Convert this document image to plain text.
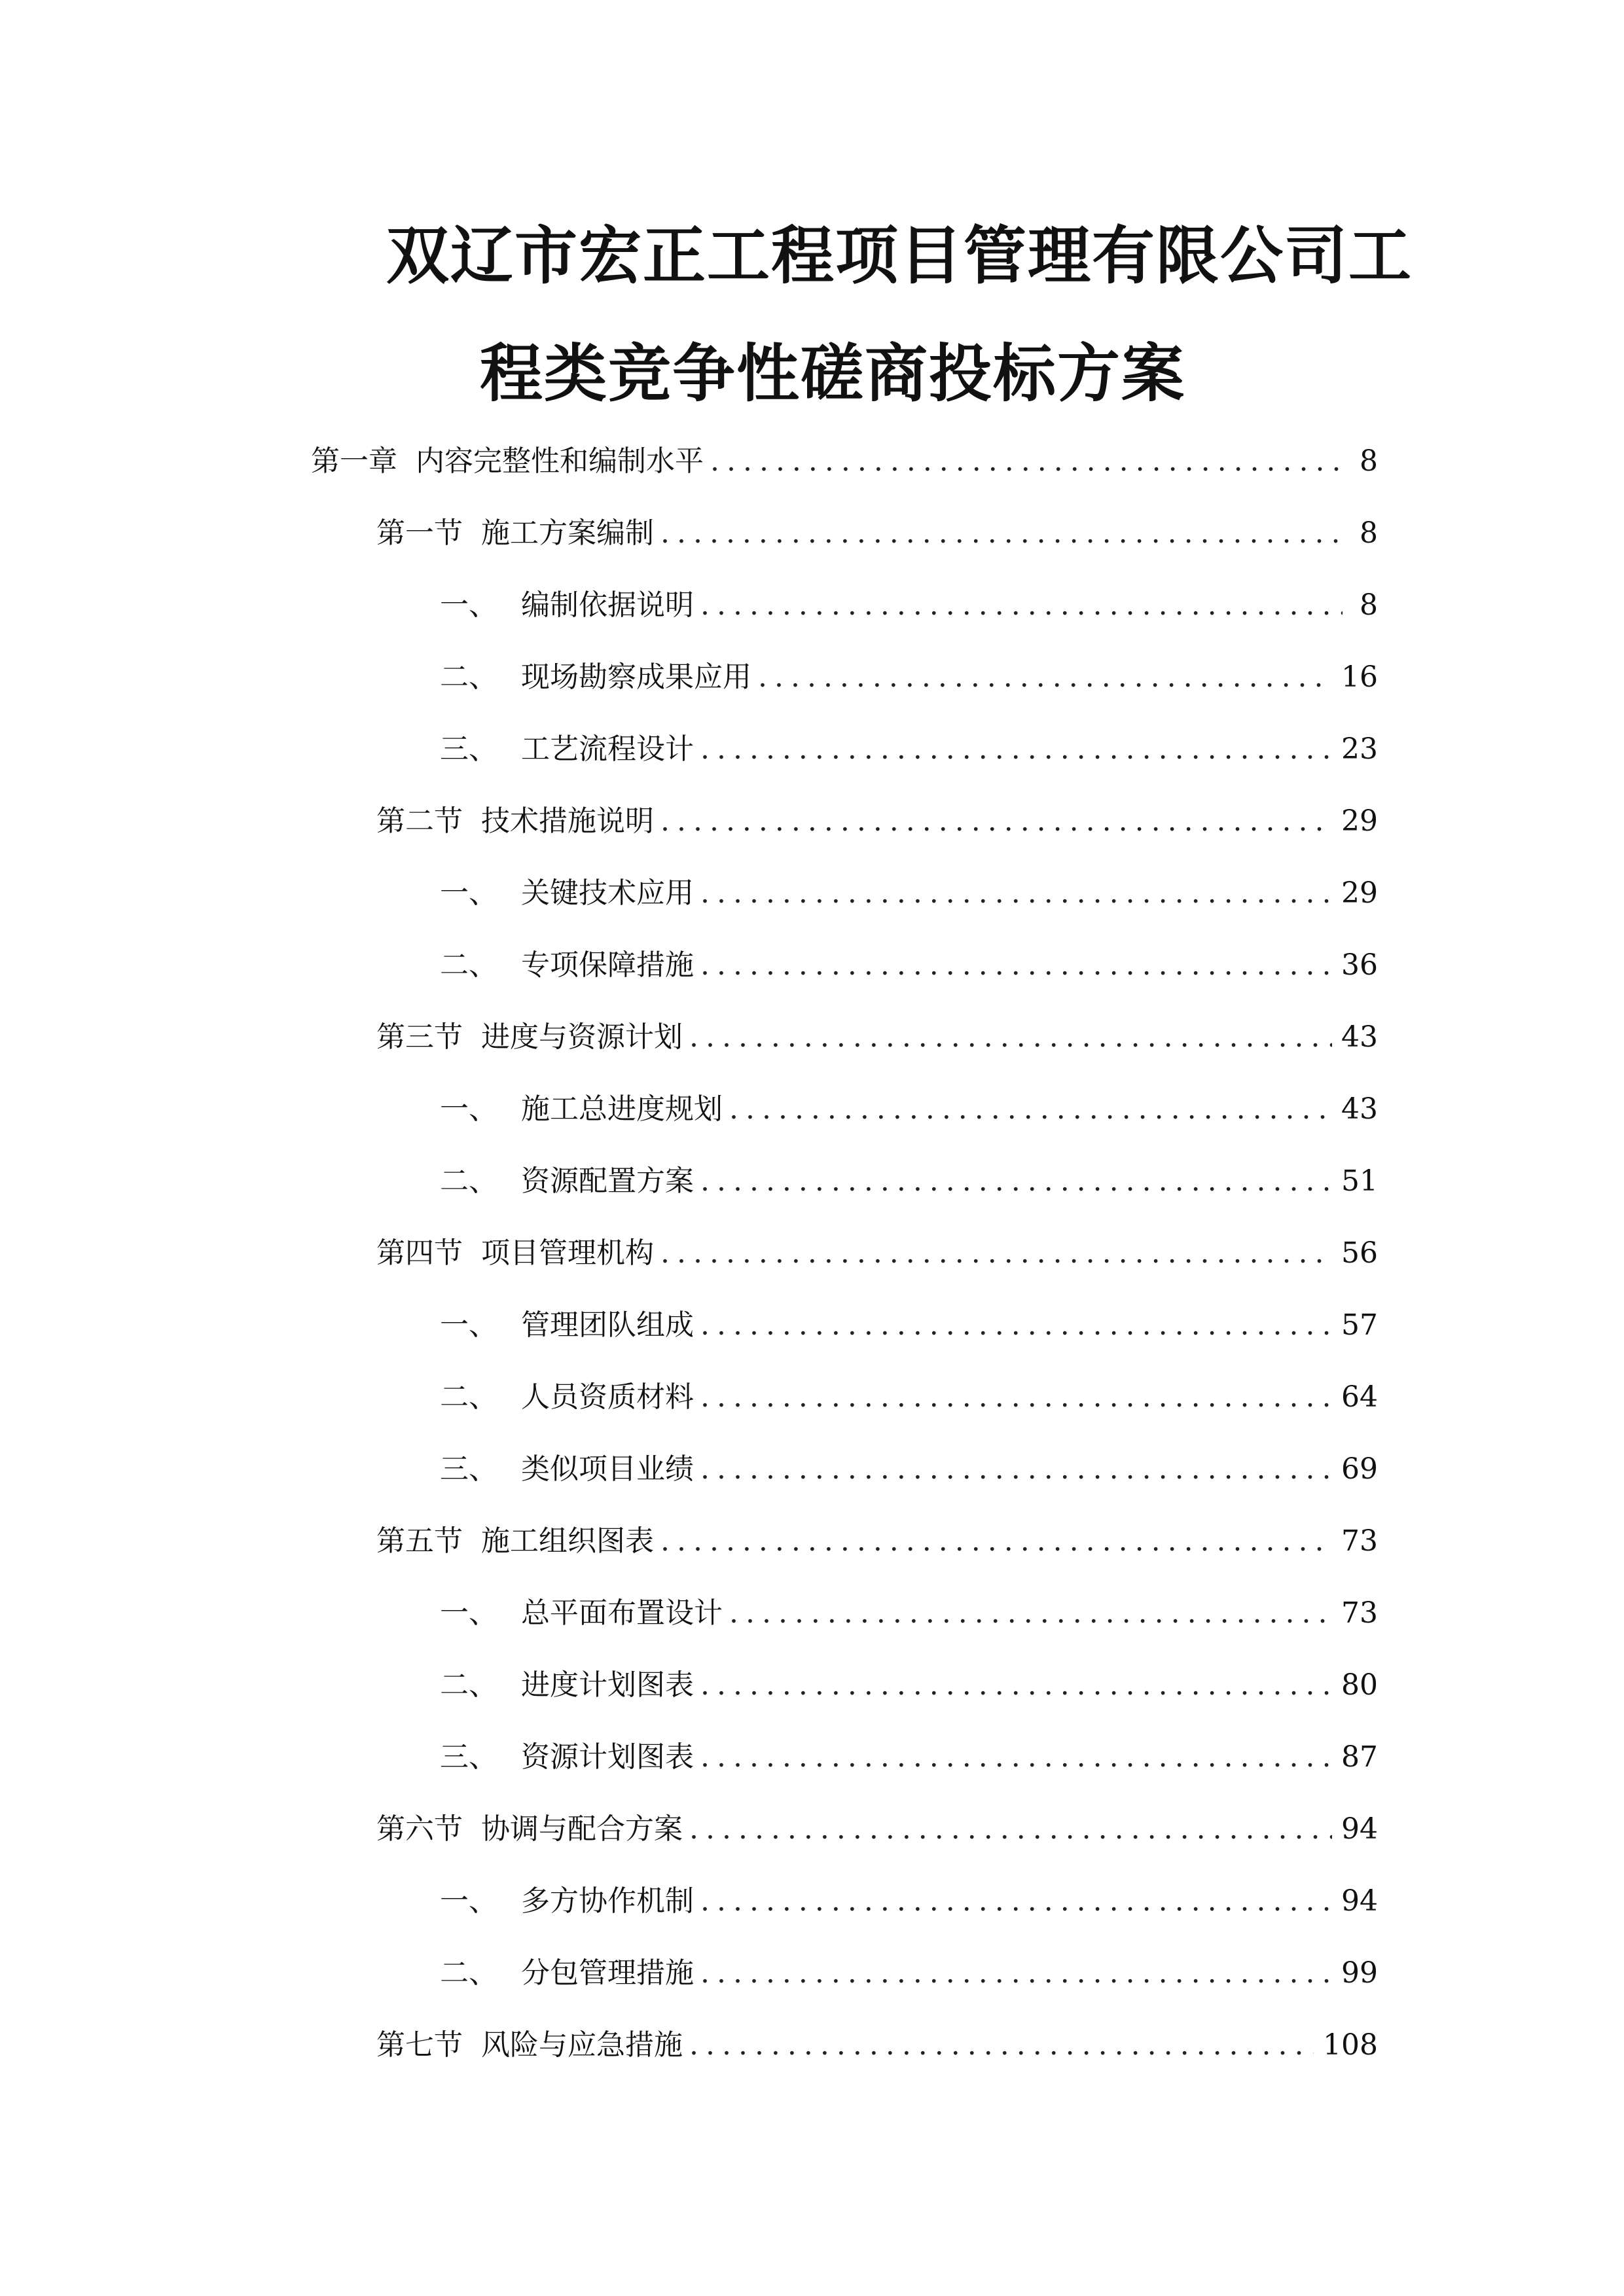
双辽市宏正工程项目管理有限公司工
程类竞争性磋商投标方案
第一章 内容完整性和编制水平 .....	8
第一节 施工方案编制 .....	8
一、 编制依据说明 .....	8
二、 现场勘察成果应用 .....	16
三、 工艺流程设计 .....	23
第二节 技术措施说明 .....	29
一、 关键技术应用 .....	29
二、 专项保障措施 .....	36
第三节 进度与资源计划 .....	43
一、 施工总进度规划 .....	43
二、 资源配置方案 .....	51
第四节 项目管理机构 .....	56
一、 管理团队组成 .....	57
二、 人员资质材料 .....	64
三、 类似项目业绩 .....	69
第五节 施工组织图表 .....	73
一、 总平面布置设计 .....	73
二、 进度计划图表 .....	80
三、 资源计划图表 .....	87
第六节 协调与配合方案 .....	94
一、 多方协作机制 .....	94
二、 分包管理措施 .....	99
第七节 风险与应急措施 .....	108
